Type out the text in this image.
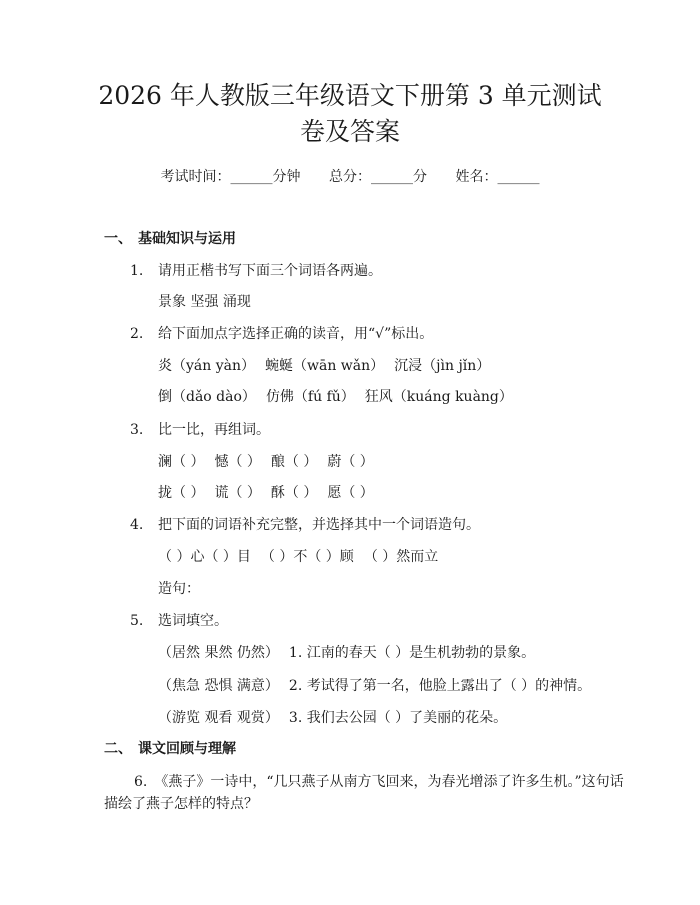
2026 年人教版三年级语文下册第 3 单元测试
卷及答案
考试时间：______分钟 总分：______分 姓名：______
一、 基础知识与运用
1. 请用正楷书写下面三个词语各两遍。
景象 坚强 涌现
2. 给下面加点字选择正确的读音，用“√”标出。
炎（yán yàn） 蜿蜒（wān wǎn） 沉浸（jìn jǐn）
倒（dǎo dào） 仿佛（fú fǔ） 狂风（kuáng kuàng）
3. 比一比，再组词。
澜（ ） 憾（ ） 酿（ ） 蔚（ ）
拢（ ） 谎（ ） 酥（ ） 愿（ ）
4. 把下面的词语补充完整，并选择其中一个词语造句。
（ ）心（ ）目 （ ）不（ ）顾 （ ）然而立
造句：
5. 选词填空。
（居然 果然 仍然） 1. 江南的春天（ ）是生机勃勃的景象。
（焦急 恐惧 满意） 2. 考试得了第一名，他脸上露出了（ ）的神情。
（游览 观看 观赏） 3. 我们去公园（ ）了美丽的花朵。
二、 课文回顾与理解
6.　《燕子》一诗中，“几只燕子从南方飞回来，为春光增添了许多生机。”这句话描绘了燕子怎样的特点？
